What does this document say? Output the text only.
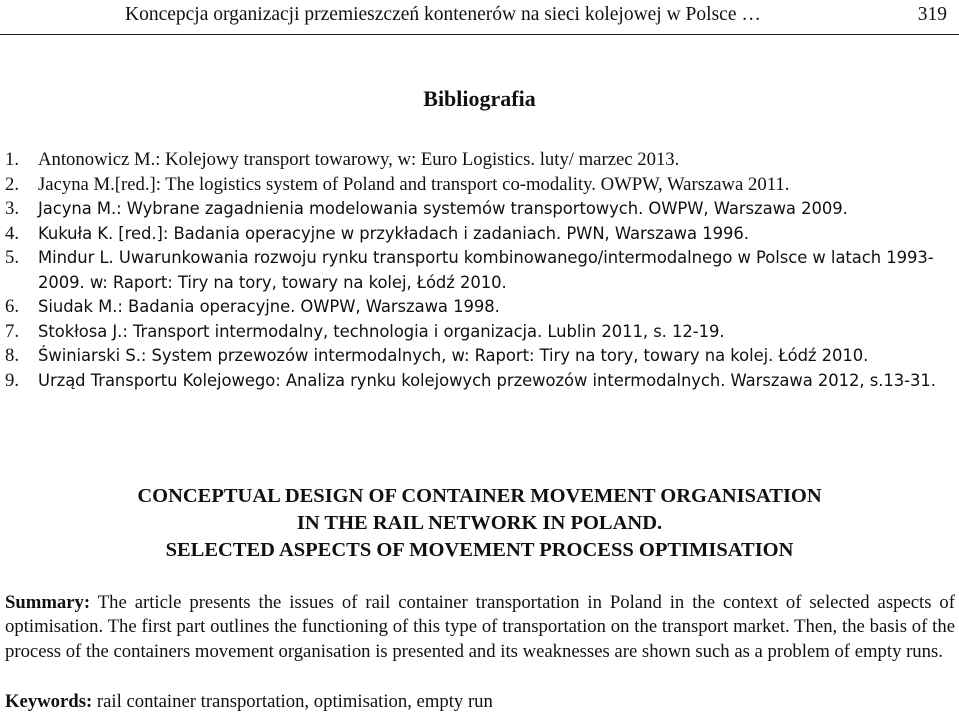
Koncepcja organizacji przemieszczeń kontenerów na sieci kolejowej w Polsce …	319
Bibliografia
1. Antonowicz M.: Kolejowy transport towarowy, w: Euro Logistics. luty/ marzec 2013.
2. Jacyna M.[red.]: The logistics system of Poland and transport co-modality. OWPW, Warszawa 2011.
3. Jacyna M.: Wybrane zagadnienia modelowania systemów transportowych. OWPW, Warszawa 2009.
4. Kukuła K. [red.]: Badania operacyjne w przykładach i zadaniach. PWN, Warszawa 1996.
5. Mindur L. Uwarunkowania rozwoju rynku transportu kombinowanego/intermodalnego w Polsce w latach 1993-2009. w: Raport: Tiry na tory, towary na kolej, Łódź 2010.
6. Siudak M.: Badania operacyjne. OWPW, Warszawa 1998.
7. Stokłosa J.: Transport intermodalny, technologia i organizacja. Lublin 2011, s. 12-19.
8. Świniarski S.: System przewozów intermodalnych, w: Raport: Tiry na tory, towary na kolej. Łódź 2010.
9. Urząd Transportu Kolejowego: Analiza rynku kolejowych przewozów intermodalnych. Warszawa 2012, s.13-31.
CONCEPTUAL DESIGN OF CONTAINER MOVEMENT ORGANISATION
IN THE RAIL NETWORK IN POLAND.
SELECTED ASPECTS OF MOVEMENT PROCESS OPTIMISATION
Summary: The article presents the issues of rail container transportation in Poland in the context of selected aspects of optimisation. The first part outlines the functioning of this type of transportation on the transport market. Then, the basis of the process of the containers movement organisation is presented and its weaknesses are shown such as a problem of empty runs.
Keywords: rail container transportation, optimisation, empty run
